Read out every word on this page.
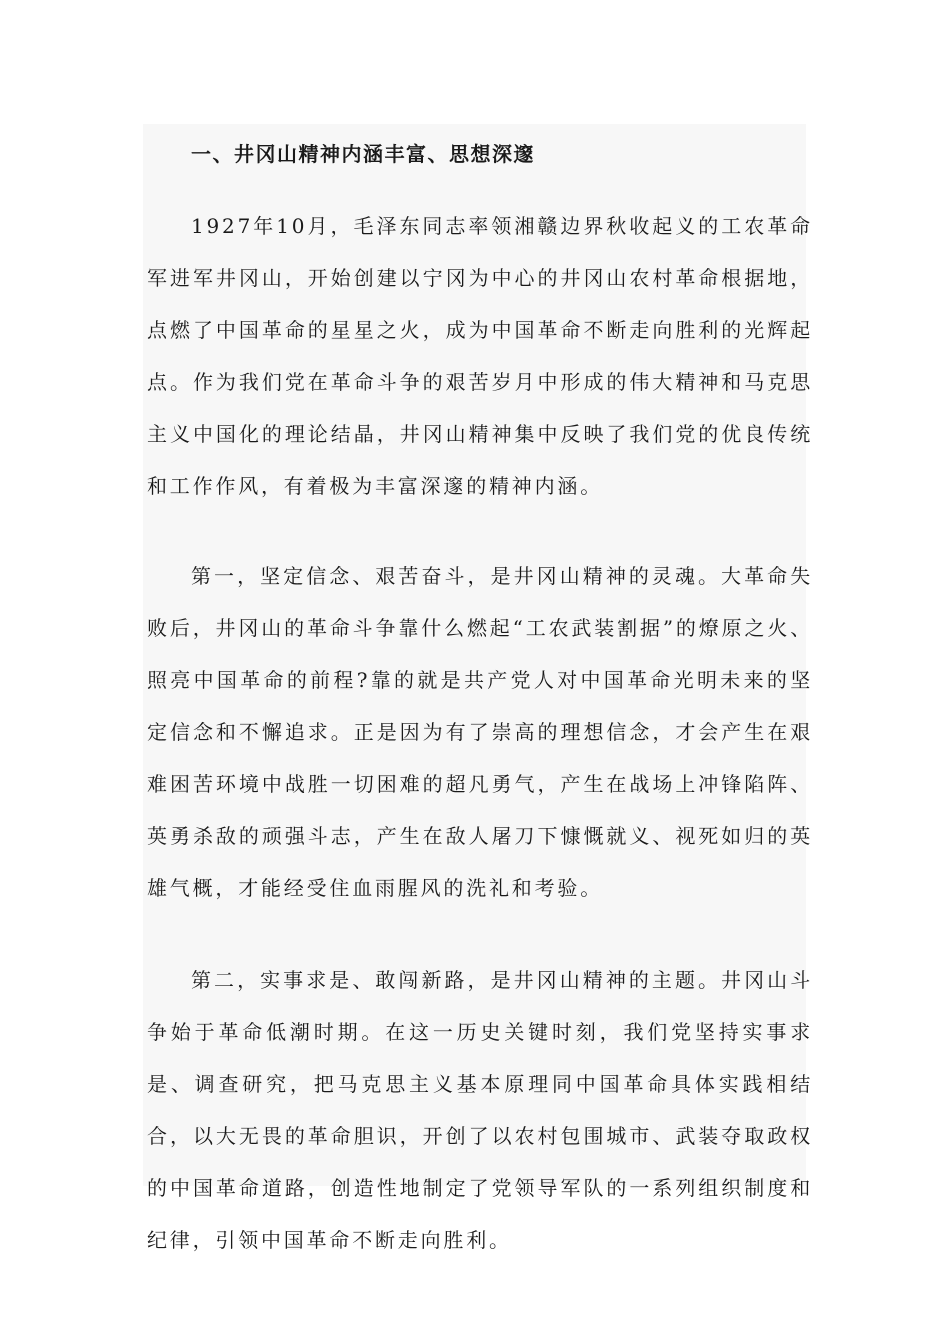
一、井冈山精神内涵丰富、思想深邃

1927年10月，毛泽东同志率领湘赣边界秋收起义的工农革命军进军井冈山，开始创建以宁冈为中心的井冈山农村革命根据地，点燃了中国革命的星星之火，成为中国革命不断走向胜利的光辉起点。作为我们党在革命斗争的艰苦岁月中形成的伟大精神和马克思主义中国化的理论结晶，井冈山精神集中反映了我们党的优良传统和工作作风，有着极为丰富深邃的精神内涵。

第一，坚定信念、艰苦奋斗，是井冈山精神的灵魂。大革命失败后，井冈山的革命斗争靠什么燃起“工农武装割据”的燎原之火、照亮中国革命的前程?靠的就是共产党人对中国革命光明未来的坚定信念和不懈追求。正是因为有了崇高的理想信念，才会产生在艰难困苦环境中战胜一切困难的超凡勇气，产生在战场上冲锋陷阵、英勇杀敌的顽强斗志，产生在敌人屠刀下慷慨就义、视死如归的英雄气概，才能经受住血雨腥风的洗礼和考验。

第二，实事求是、敢闯新路，是井冈山精神的主题。井冈山斗争始于革命低潮时期。在这一历史关键时刻，我们党坚持实事求是、调查研究，把马克思主义基本原理同中国革命具体实践相结合，以大无畏的革命胆识，开创了以农村包围城市、武装夺取政权的中国革命道路，创造性地制定了党领导军队的一系列组织制度和纪律，引领中国革命不断走向胜利。
